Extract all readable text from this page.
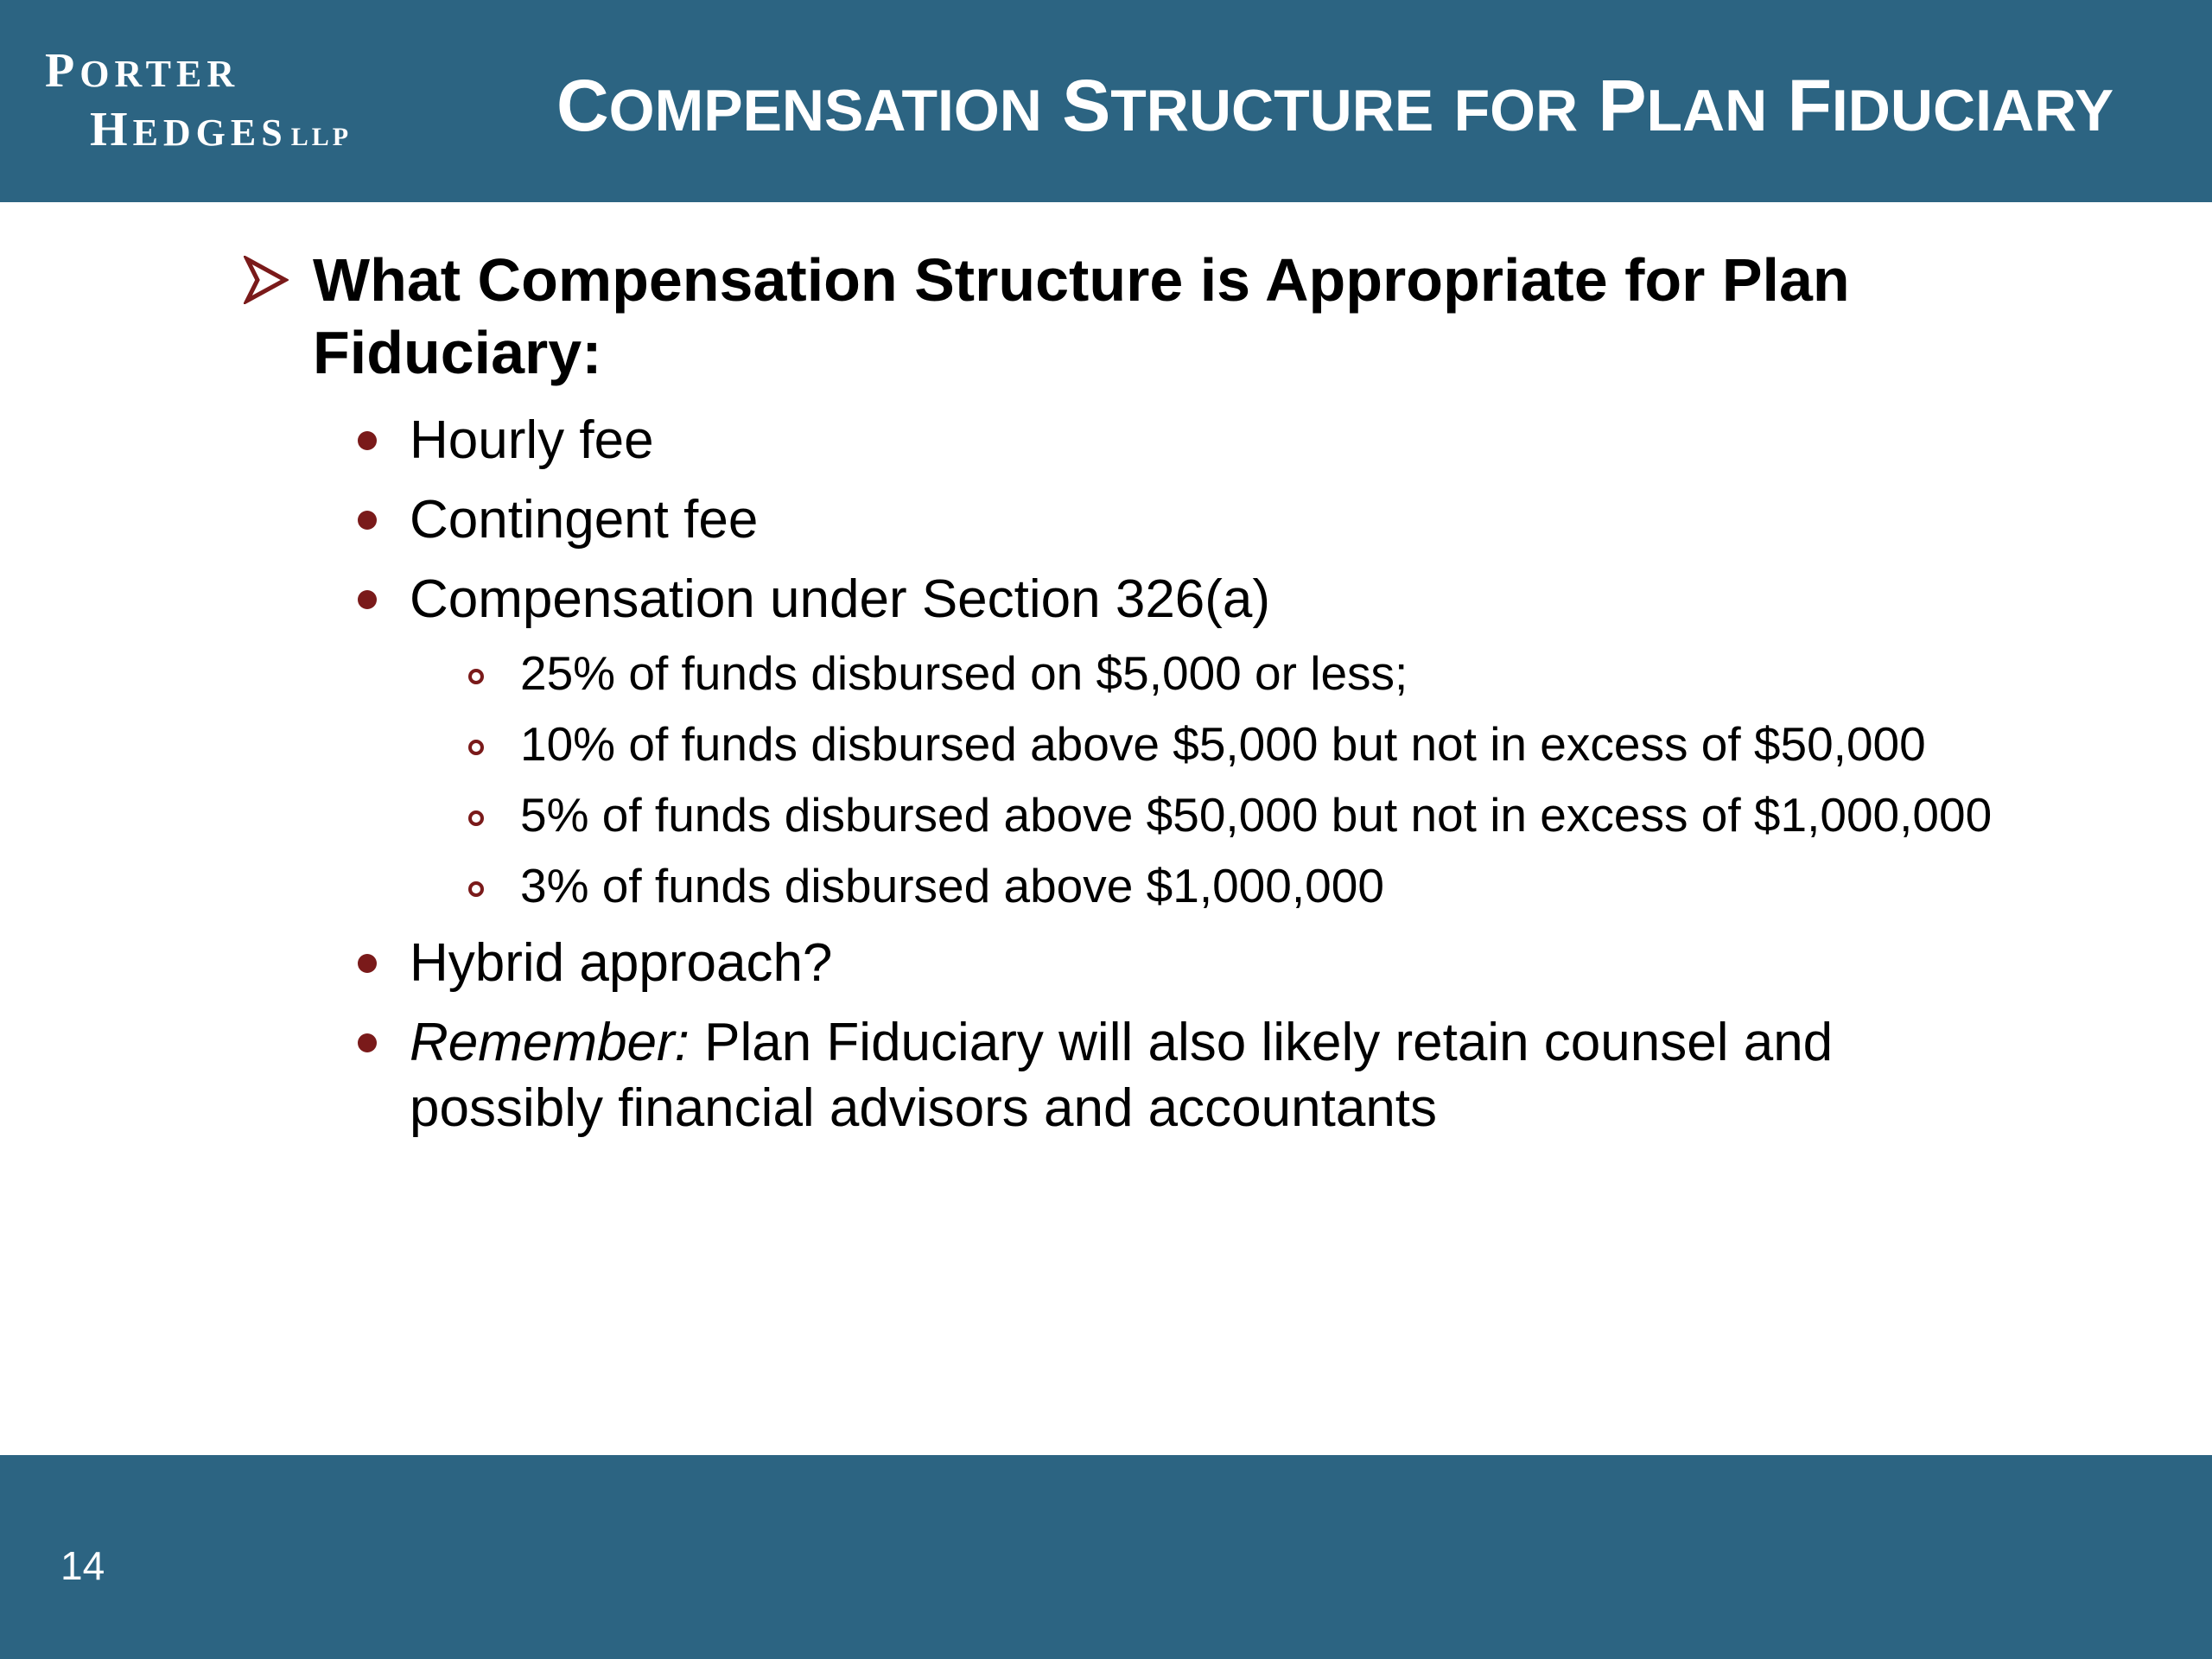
PORTER
HEDGES LLP	COMPENSATION STRUCTURE FOR PLAN FIDUCIARY
What Compensation Structure is Appropriate for Plan Fiduciary:
Hourly fee
Contingent fee
Compensation under Section 326(a)
25% of funds disbursed on $5,000 or less;
10% of funds disbursed above $5,000 but not in excess of $50,000
5% of funds disbursed above $50,000 but not in excess of $1,000,000
3% of funds disbursed above $1,000,000
Hybrid approach?
Remember: Plan Fiduciary will also likely retain counsel and possibly financial advisors and accountants
14
